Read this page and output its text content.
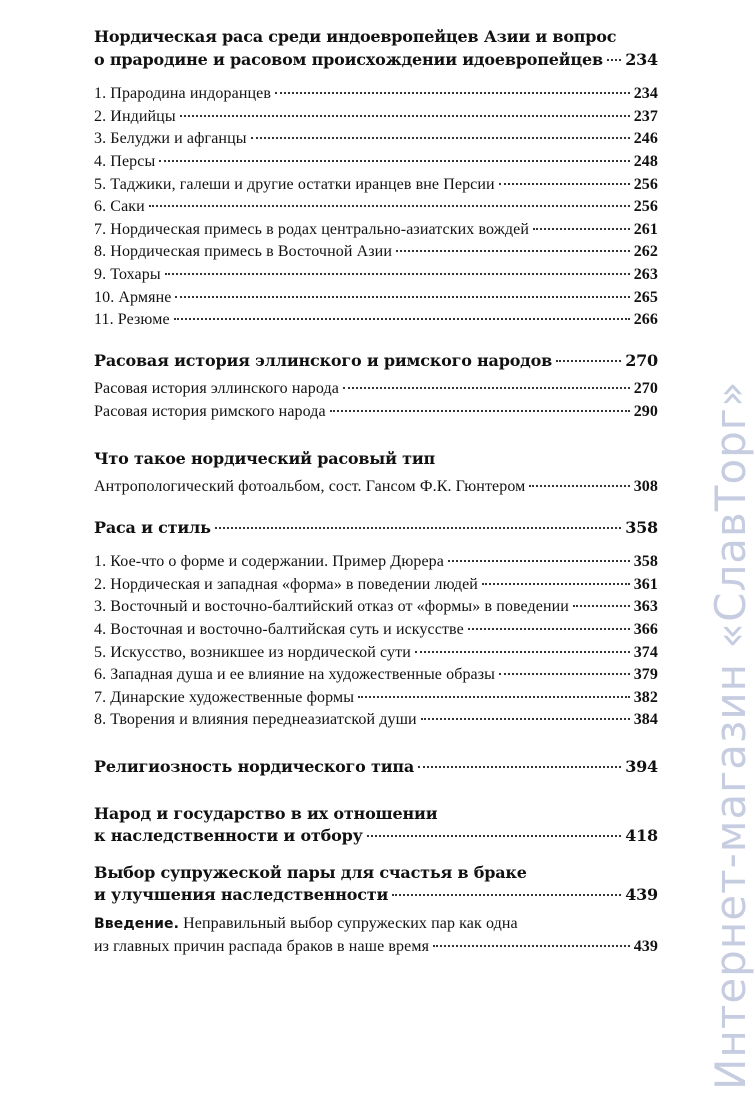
Нордическая раса среди индоевропейцев Азии и вопрос
о прародине и расовом происхождении идоевропейцев 234
1. Прародина индоранцев	234
2. Индийцы	237
3. Белуджи и афганцы	246
4. Персы	248
5. Таджики, галеши и другие остатки иранцев вне Персии	256
6. Саки	256
7. Нордическая примесь в родах центрально-азиатских вождей	261
8. Нордическая примесь в Восточной Азии	262
9. Тохары	263
10. Армяне	265
11. Резюме	266
Расовая история эллинского и римского народов	270
Расовая история эллинского народа	270
Расовая история римского народа	290
Что такое нордический расовый тип
Антропологический фотоальбом, сост. Гансом Ф.К. Гюнтером	308
Раса и стиль	358
1. Кое-что о форме и содержании. Пример Дюрера	358
2. Нордическая и западная «форма» в поведении людей	361
3. Восточный и восточно-балтийский отказ от «формы» в поведении	363
4. Восточная и восточно-балтийская суть и искусстве	366
5. Искусство, возникшее из нордической сути	374
6. Западная душа и ее влияние на художественные образы	379
7. Динарские художественные формы	382
8. Творения и влияния переднеазиатской души	384
Религиозность нордического типа	394
Народ и государство в их отношении
к наследственности и отбору	418
Выбор супружеской пары для счастья в браке
и улучшения наследственности	439
Введение. Неправильный выбор супружеских пар как одна
из главных причин распада браков в наше время	439 Интернет-магазин «СлавТорг»
